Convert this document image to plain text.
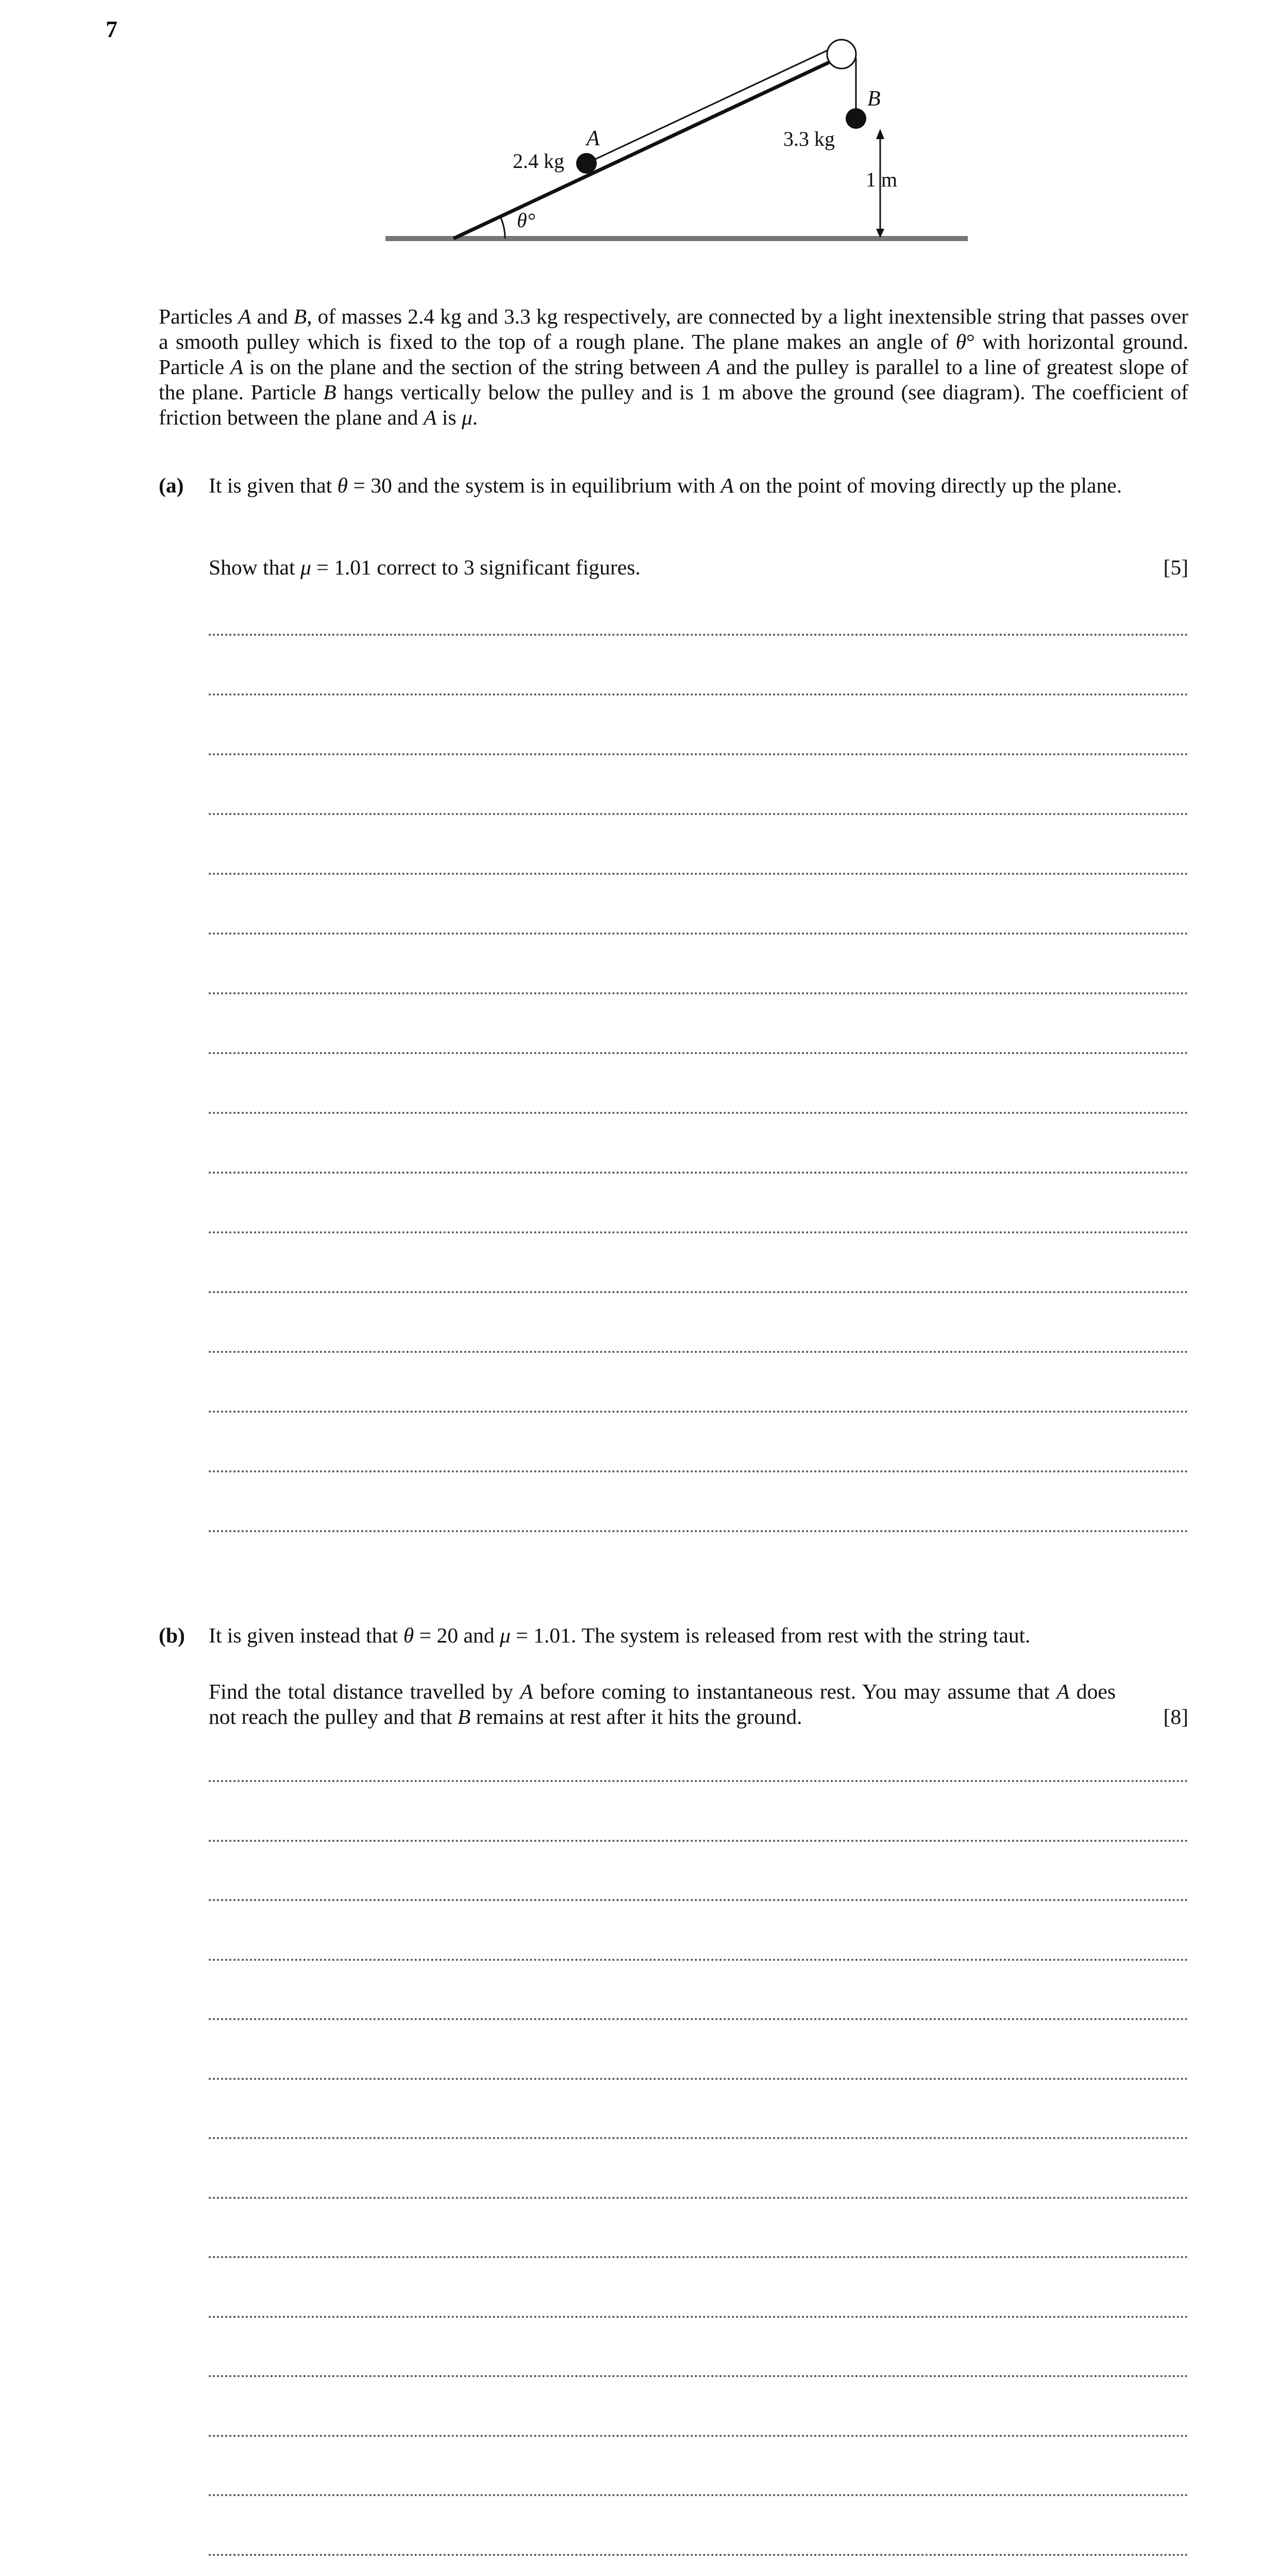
7
A
B
2.4 kg
3.3 kg
θ°
1 m

Particles A and B, of masses 2.4 kg and 3.3 kg respectively, are connected by a light inextensible string that passes over a smooth pulley which is fixed to the top of a rough plane. The plane makes an angle of θ° with horizontal ground. Particle A is on the plane and the section of the string between A and the pulley is parallel to a line of greatest slope of the plane. Particle B hangs vertically below the pulley and is 1 m above the ground (see diagram). The coefficient of friction between the plane and A is μ.

(a) It is given that θ = 30 and the system is in equilibrium with A on the point of moving directly up the plane.
Show that μ = 1.01 correct to 3 significant figures.	[5]
(b) It is given instead that θ = 20 and μ = 1.01. The system is released from rest with the string taut.
Find the total distance travelled by A before coming to instantaneous rest. You may assume that A does not reach the pulley and that B remains at rest after it hits the ground.	[8]
